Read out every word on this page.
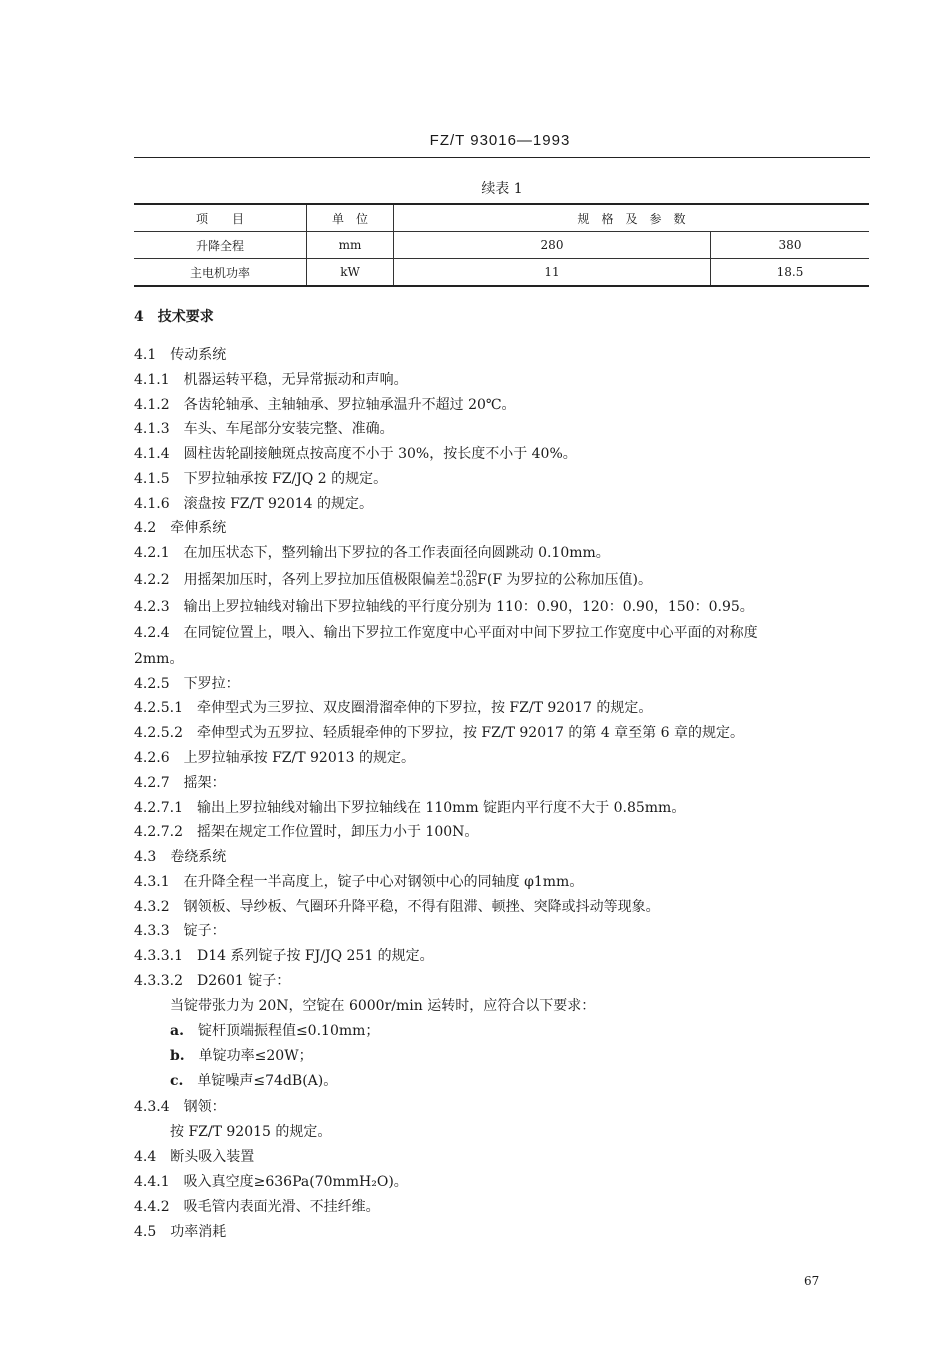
FZ/T 93016—1993
续表 1
项　　目	单　位	规　格　及　参　数	
升降全程	mm	280	380
主电机功率	kW	11	18.5
4 技术要求
4.1 传动系统
4.1.1 机器运转平稳，无异常振动和声响。
4.1.2 各齿轮轴承、主轴轴承、罗拉轴承温升不超过 20℃。
4.1.3 车头、车尾部分安装完整、准确。
4.1.4 圆柱齿轮副接触斑点按高度不小于 30%，按长度不小于 40%。
4.1.5 下罗拉轴承按 FZ/JQ 2 的规定。
4.1.6 滚盘按 FZ/T 92014 的规定。
4.2 牵伸系统
4.2.1 在加压状态下，整列输出下罗拉的各工作表面径向圆跳动 0.10mm。
4.2.2 用摇架加压时，各列上罗拉加压值极限偏差 +0.20
−0.05 F(F 为罗拉的公称加压值)。
4.2.3 输出上罗拉轴线对输出下罗拉轴线的平行度分别为 110：0.90，120：0.90，150：0.95。
4.2.4 在同锭位置上，喂入、输出下罗拉工作宽度中心平面对中间下罗拉工作宽度中心平面的对称度
2mm。
4.2.5 下罗拉：
4.2.5.1 牵伸型式为三罗拉、双皮圈滑溜牵伸的下罗拉，按 FZ/T 92017 的规定。
4.2.5.2 牵伸型式为五罗拉、轻质辊牵伸的下罗拉，按 FZ/T 92017 的第 4 章至第 6 章的规定。
4.2.6 上罗拉轴承按 FZ/T 92013 的规定。
4.2.7 摇架：
4.2.7.1 输出上罗拉轴线对输出下罗拉轴线在 110mm 锭距内平行度不大于 0.85mm。
4.2.7.2 摇架在规定工作位置时，卸压力小于 100N。
4.3 卷绕系统
4.3.1 在升降全程一半高度上，锭子中心对钢领中心的同轴度 φ1mm。
4.3.2 钢领板、导纱板、气圈环升降平稳，不得有阻滞、顿挫、突降或抖动等现象。
4.3.3 锭子：
4.3.3.1 D14 系列锭子按 FJ/JQ 251 的规定。
4.3.3.2 D2601 锭子：
当锭带张力为 20N，空锭在 6000r/min 运转时，应符合以下要求：
a. 锭杆顶端振程值≤0.10mm；
b. 单锭功率≤20W；
c. 单锭噪声≤74dB(A)。
4.3.4 钢领：
按 FZ/T 92015 的规定。
4.4 断头吸入装置
4.4.1 吸入真空度≥636Pa(70mmH₂O)。
4.4.2 吸毛管内表面光滑、不挂纤维。
4.5 功率消耗
67
